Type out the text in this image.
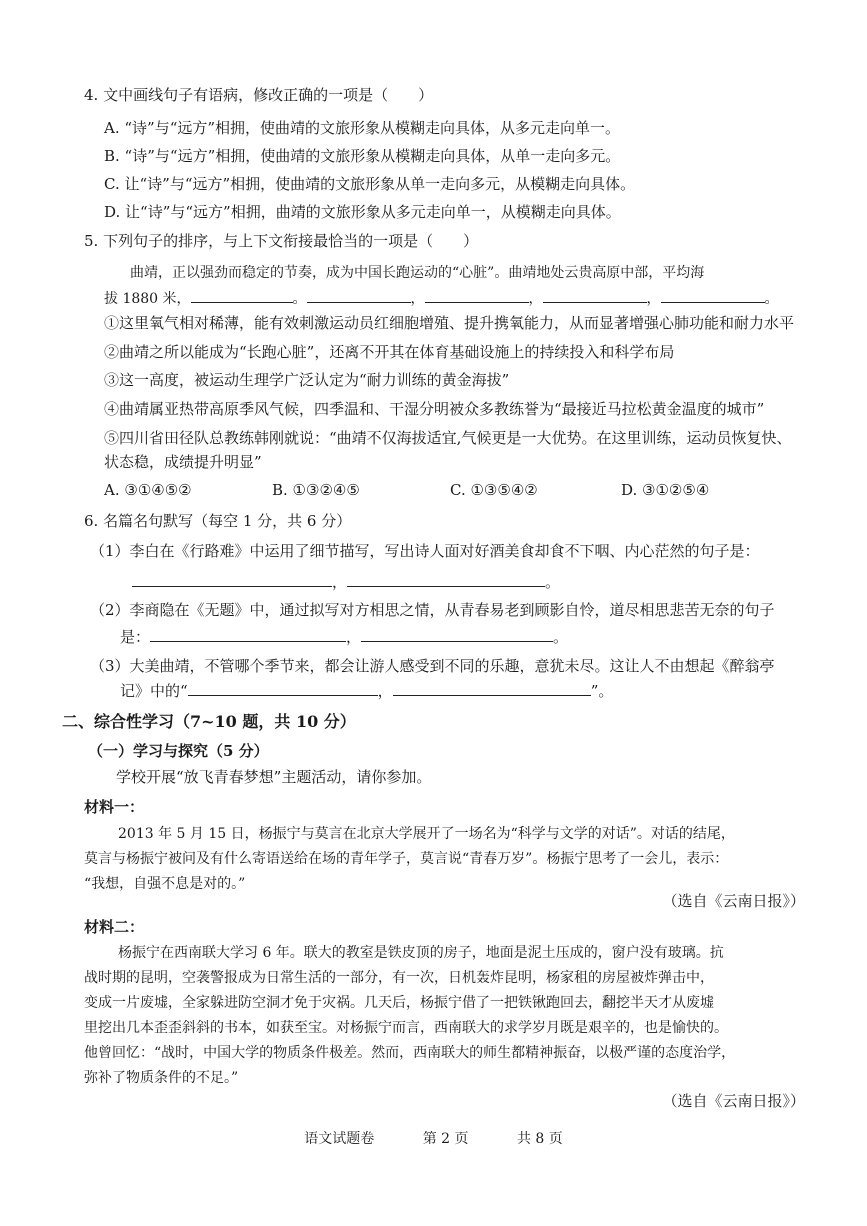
4. 文中画线句子有语病，修改正确的一项是（　　）
A. “诗”与“远方”相拥，使曲靖的文旅形象从模糊走向具体，从多元走向单一。
B. “诗”与“远方”相拥，使曲靖的文旅形象从模糊走向具体，从单一走向多元。
C. 让“诗”与“远方”相拥，使曲靖的文旅形象从单一走向多元，从模糊走向具体。
D. 让“诗”与“远方”相拥，曲靖的文旅形象从多元走向单一，从模糊走向具体。
5. 下列句子的排序，与上下文衔接最恰当的一项是（　　）
曲靖，正以强劲而稳定的节奏，成为中国长跑运动的“心脏”。曲靖地处云贵高原中部，平均海
拔 1880 米，	。	，	，	，	。
①这里氧气相对稀薄，能有效刺激运动员红细胞增殖、提升携氧能力，从而显著增强心肺功能和耐力水平
②曲靖之所以能成为“长跑心脏”，还离不开其在体育基础设施上的持续投入和科学布局
③这一高度，被运动生理学广泛认定为“耐力训练的黄金海拔”
④曲靖属亚热带高原季风气候，四季温和、干湿分明被众多教练誉为“最接近马拉松黄金温度的城市”
⑤四川省田径队总教练韩刚就说：“曲靖不仅海拔适宜,气候更是一大优势。在这里训练，运动员恢复快、
状态稳，成绩提升明显”
A. ③①④⑤②	B. ①③②④⑤	C. ①③⑤④②	D. ③①②⑤④
6. 名篇名句默写（每空 1 分，共 6 分）
（1）李白在《行路难》中运用了细节描写，写出诗人面对好酒美食却食不下咽、内心茫然的句子是：
，	。
（2）李商隐在《无题》中，通过拟写对方相思之情，从青春易老到顾影自怜，道尽相思悲苦无奈的句子
是：	，	。
（3）大美曲靖，不管哪个季节来，都会让游人感受到不同的乐趣，意犹未尽。这让人不由想起《醉翁亭
记》中的“	，	”。
二、综合性学习（7~10 题，共 10 分）
（一）学习与探究（5 分）
学校开展“放飞青春梦想”主题活动，请你参加。
材料一：
2013 年 5 月 15 日，杨振宁与莫言在北京大学展开了一场名为“科学与文学的对话”。对话的结尾，
莫言与杨振宁被问及有什么寄语送给在场的青年学子，莫言说“青春万岁”。杨振宁思考了一会儿，表示：
“我想，自强不息是对的。”
（选自《云南日报》）
材料二：
杨振宁在西南联大学习 6 年。联大的教室是铁皮顶的房子，地面是泥土压成的，窗户没有玻璃。抗
战时期的昆明，空袭警报成为日常生活的一部分，有一次，日机轰炸昆明，杨家租的房屋被炸弹击中，
变成一片废墟，全家躲进防空洞才免于灾祸。几天后，杨振宁借了一把铁锹跑回去，翻挖半天才从废墟
里挖出几本歪歪斜斜的书本，如获至宝。对杨振宁而言，西南联大的求学岁月既是艰辛的，也是愉快的。
他曾回忆：“战时，中国大学的物质条件极差。然而，西南联大的师生都精神振奋，以极严谨的态度治学，
弥补了物质条件的不足。”
（选自《云南日报》）
语文试题卷	第 2 页	共 8 页
